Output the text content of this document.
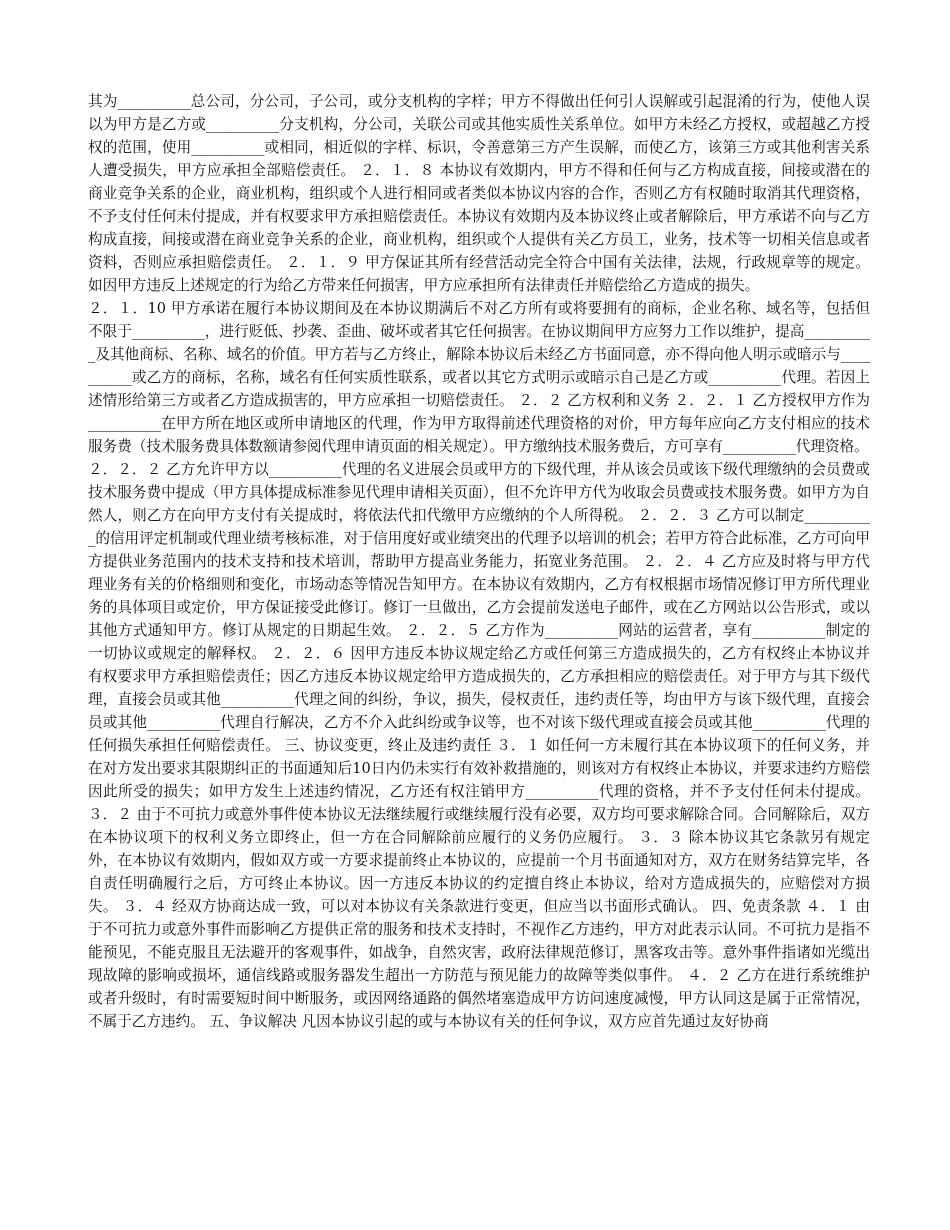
其为__________总公司，分公司，子公司，或分支机构的字样；甲方不得做出任何引人误解或引起混淆的行为，使他人误以为甲方是乙方或__________分支机构，分公司，关联公司或其他实质性关系单位。如甲方未经乙方授权，或超越乙方授权的范围，使用__________或相同，相近似的字样、标识，令善意第三方产生误解，而使乙方，该第三方或其他利害关系人遭受损失，甲方应承担全部赔偿责任。 ２．１．８ 本协议有效期内，甲方不得和任何与乙方构成直接，间接或潜在的商业竞争关系的企业，商业机构，组织或个人进行相同或者类似本协议内容的合作，否则乙方有权随时取消其代理资格，不予支付任何未付提成，并有权要求甲方承担赔偿责任。本协议有效期内及本协议终止或者解除后，甲方承诺不向与乙方构成直接，间接或潜在商业竞争关系的企业，商业机构，组织或个人提供有关乙方员工，业务，技术等一切相关信息或者资料，否则应承担赔偿责任。 ２．１．９ 甲方保证其所有经营活动完全符合中国有关法律，法规，行政规章等的规定。如因甲方违反上述规定的行为给乙方带来任何损害，甲方应承担所有法律责任并赔偿给乙方造成的损失。

２．１．10 甲方承诺在履行本协议期间及在本协议期满后不对乙方所有或将要拥有的商标，企业名称、域名等，包括但不限于__________，进行贬低、抄袭、歪曲、破坏或者其它任何损害。在协议期间甲方应努力工作以维护，提高__________及其他商标、名称、域名的价值。甲方若与乙方终止，解除本协议后未经乙方书面同意，亦不得向他人明示或暗示与__________或乙方的商标，名称，域名有任何实质性联系，或者以其它方式明示或暗示自己是乙方或__________代理。若因上述情形给第三方或者乙方造成损害的，甲方应承担一切赔偿责任。 ２．２ 乙方权利和义务 ２．２．１ 乙方授权甲方作为__________在甲方所在地区或所申请地区的代理，作为甲方取得前述代理资格的对价，甲方每年应向乙方支付相应的技术服务费（技术服务费具体数额请参阅代理申请页面的相关规定）。甲方缴纳技术服务费后，方可享有__________代理资格。

２．２．２ 乙方允许甲方以__________代理的名义进展会员或甲方的下级代理，并从该会员或该下级代理缴纳的会员费或技术服务费中提成（甲方具体提成标准参见代理申请相关页面），但不允许甲方代为收取会员费或技术服务费。如甲方为自然人，则乙方在向甲方支付有关提成时，将依法代扣代缴甲方应缴纳的个人所得税。 ２．２．３ 乙方可以制定__________的信用评定机制或代理业绩考核标准，对于信用度好或业绩突出的代理予以培训的机会；若甲方符合此标准，乙方可向甲方提供业务范围内的技术支持和技术培训，帮助甲方提高业务能力，拓宽业务范围。 ２．２．４ 乙方应及时将与甲方代理业务有关的价格细则和变化，市场动态等情况告知甲方。在本协议有效期内，乙方有权根据市场情况修订甲方所代理业务的具体项目或定价，甲方保证接受此修订。修订一旦做出，乙方会提前发送电子邮件，或在乙方网站以公告形式，或以其他方式通知甲方。修订从规定的日期起生效。 ２．２．５ 乙方作为__________网站的运营者，享有__________制定的一切协议或规定的解释权。 ２．２．６ 因甲方违反本协议规定给乙方或任何第三方造成损失的，乙方有权终止本协议并有权要求甲方承担赔偿责任；因乙方违反本协议规定给甲方造成损失的，乙方承担相应的赔偿责任。对于甲方与其下级代理，直接会员或其他__________代理之间的纠纷，争议，损失，侵权责任，违约责任等，均由甲方与该下级代理，直接会员或其他__________代理自行解决，乙方不介入此纠纷或争议等，也不对该下级代理或直接会员或其他__________代理的任何损失承担任何赔偿责任。 三、协议变更，终止及违约责任 ３．１ 如任何一方未履行其在本协议项下的任何义务，并在对方发出要求其限期纠正的书面通知后10日内仍未实行有效补救措施的，则该对方有权终止本协议，并要求违约方赔偿因此所受的损失；如甲方发生上述违约情况，乙方还有权注销甲方__________代理的资格，并不予支付任何未付提成。 ３．２ 由于不可抗力或意外事件使本协议无法继续履行或继续履行没有必要，双方均可要求解除合同。合同解除后，双方在本协议项下的权利义务立即终止，但一方在合同解除前应履行的义务仍应履行。 ３．３ 除本协议其它条款另有规定外，在本协议有效期内，假如双方或一方要求提前终止本协议的，应提前一个月书面通知对方，双方在财务结算完毕，各自责任明确履行之后，方可终止本协议。因一方违反本协议的约定擅自终止本协议，给对方造成损失的，应赔偿对方损失。 ３．４ 经双方协商达成一致，可以对本协议有关条款进行变更，但应当以书面形式确认。 四、免责条款 ４．１ 由于不可抗力或意外事件而影响乙方提供正常的服务和技术支持时，不视作乙方违约，甲方对此表示认同。不可抗力是指不能预见，不能克服且无法避开的客观事件，如战争，自然灾害，政府法律规范修订，黑客攻击等。意外事件指诸如光缆出现故障的影响或损坏，通信线路或服务器发生超出一方防范与预见能力的故障等类似事件。 ４．２ 乙方在进行系统维护或者升级时，有时需要短时间中断服务，或因网络通路的偶然堵塞造成甲方访问速度减慢，甲方认同这是属于正常情况，不属于乙方违约。 五、争议解决 凡因本协议引起的或与本协议有关的任何争议，双方应首先通过友好协商
